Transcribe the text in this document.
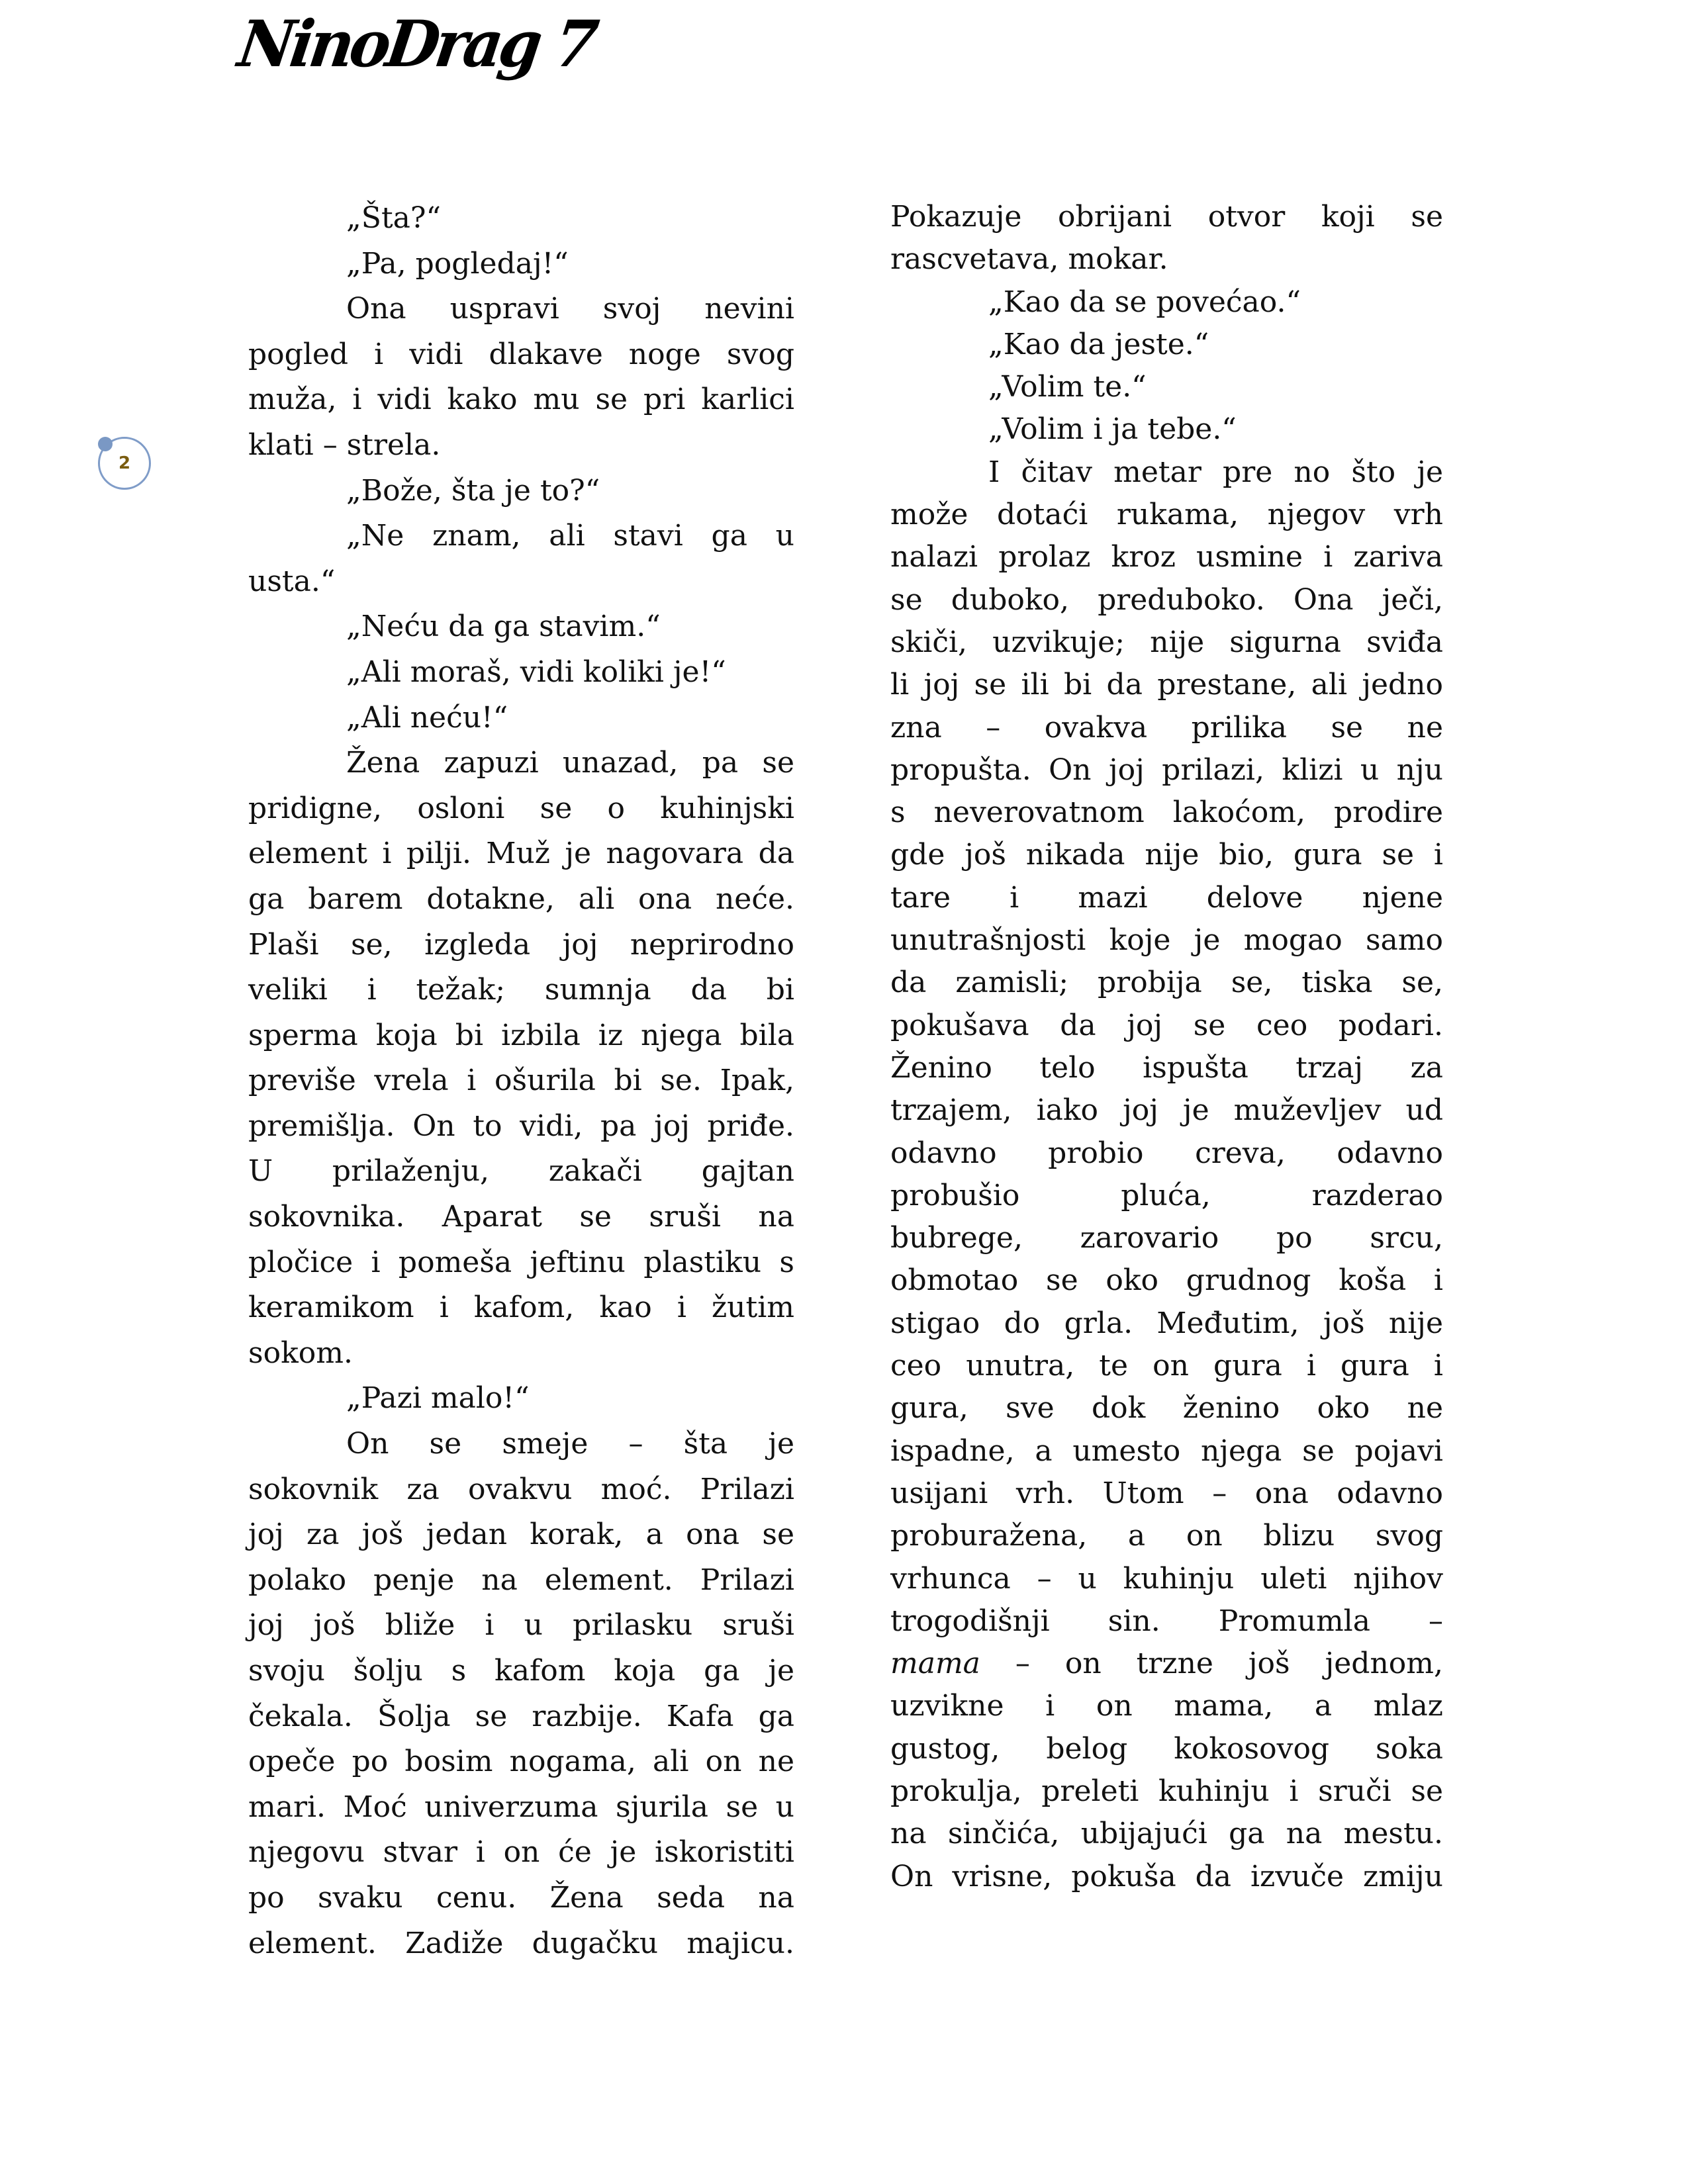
NinoDrag 7
2
„Šta?“
„Pa, pogledaj!“
Ona uspravi svoj nevini
pogled i vidi dlakave noge svog
muža, i vidi kako mu se pri karlici
klati – strela.
„Bože, šta je to?“
„Ne znam, ali stavi ga u
usta.“
„Neću da ga stavim.“
„Ali moraš, vidi koliki je!“
„Ali neću!“
Žena zapuzi unazad, pa se
pridigne, osloni se o kuhinjski
element i pilji. Muž je nagovara da
ga barem dotakne, ali ona neće.
Plaši se, izgleda joj neprirodno
veliki i težak; sumnja da bi
sperma koja bi izbila iz njega bila
previše vrela i ošurila bi se. Ipak,
premišlja. On to vidi, pa joj priđe.
U prilaženju, zakači gajtan
sokovnika. Aparat se sruši na
pločice i pomeša jeftinu plastiku s
keramikom i kafom, kao i žutim
sokom.
„Pazi malo!“
On se smeje – šta je
sokovnik za ovakvu moć. Prilazi
joj za još jedan korak, a ona se
polako penje na element. Prilazi
joj još bliže i u prilasku sruši
svoju šolju s kafom koja ga je
čekala. Šolja se razbije. Kafa ga
opeče po bosim nogama, ali on ne
mari. Moć univerzuma sjurila se u
njegovu stvar i on će je iskoristiti
po svaku cenu. Žena seda na
element. Zadiže dugačku majicu.
Pokazuje obrijani otvor koji se
rascvetava, mokar.
„Kao da se povećao.“
„Kao da jeste.“
„Volim te.“
„Volim i ja tebe.“
I čitav metar pre no što je
može dotaći rukama, njegov vrh
nalazi prolaz kroz usmine i zariva
se duboko, preduboko. Ona ječi,
skiči, uzvikuje; nije sigurna sviđa
li joj se ili bi da prestane, ali jedno
zna – ovakva prilika se ne
propušta. On joj prilazi, klizi u nju
s neverovatnom lakoćom, prodire
gde još nikada nije bio, gura se i
tare i mazi delove njene
unutrašnjosti koje je mogao samo
da zamisli; probija se, tiska se,
pokušava da joj se ceo podari.
Ženino telo ispušta trzaj za
trzajem, iako joj je muževljev ud
odavno probio creva, odavno
probušio pluća, razderao
bubrege, zarovario po srcu,
obmotao se oko grudnog koša i
stigao do grla. Međutim, još nije
ceo unutra, te on gura i gura i
gura, sve dok ženino oko ne
ispadne, a umesto njega se pojavi
usijani vrh. Utom – ona odavno
proburažena, a on blizu svog
vrhunca – u kuhinju uleti njihov
trogodišnji sin. Promumla –
mama – on trzne još jednom,
uzvikne i on mama, a mlaz
gustog, belog kokosovog soka
prokulja, preleti kuhinju i sruči se
na sinčića, ubijajući ga na mestu.
On vrisne, pokuša da izvuče zmiju
